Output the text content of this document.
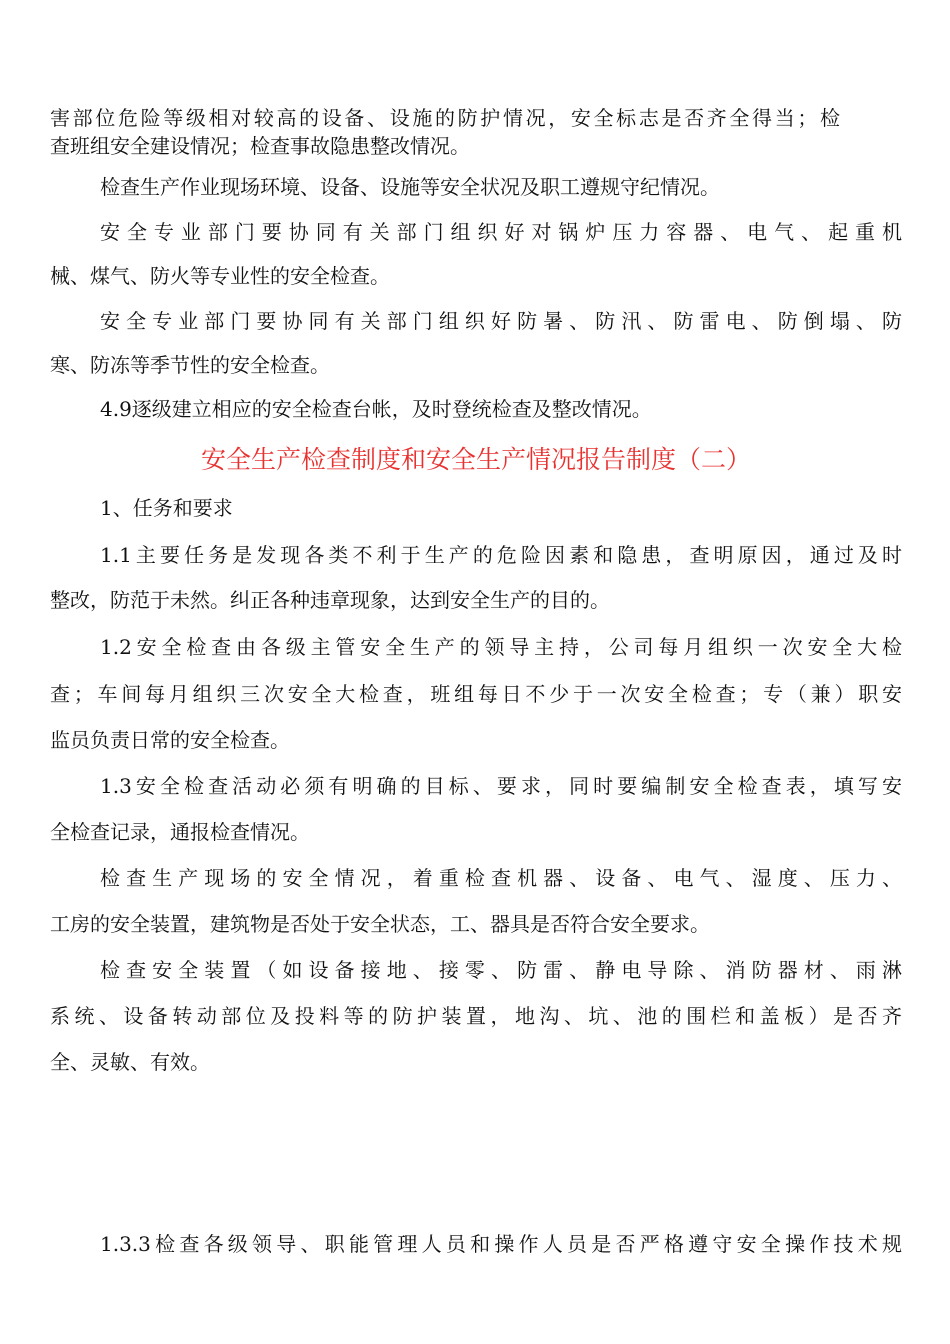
害部位危险等级相对较高的设备、设施的防护情况，安全标志是否齐全得当；检
查班组安全建设情况；检查事故隐患整改情况。
检查生产作业现场环境、设备、设施等安全状况及职工遵规守纪情况。
安全专业部门要协同有关部门组织好对锅炉压力容器、电气、起重机
械、煤气、防火等专业性的安全检查。
安全专业部门要协同有关部门组织好防暑、防汛、防雷电、防倒塌、防
寒、防冻等季节性的安全检查。
4.9逐级建立相应的安全检查台帐，及时登统检查及整改情况。
安全生产检查制度和安全生产情况报告制度（二）
1、任务和要求
1.1主要任务是发现各类不利于生产的危险因素和隐患，查明原因，通过及时
整改，防范于未然。纠正各种违章现象，达到安全生产的目的。
1.2安全检查由各级主管安全生产的领导主持，公司每月组织一次安全大检
查；车间每月组织三次安全大检查，班组每日不少于一次安全检查；专（兼）职安
监员负责日常的安全检查。
1.3安全检查活动必须有明确的目标、要求，同时要编制安全检查表，填写安
全检查记录，通报检查情况。
检查生产现场的安全情况，着重检查机器、设备、电气、湿度、压力、
工房的安全装置，建筑物是否处于安全状态，工、器具是否符合安全要求。
检查安全装置（如设备接地、接零、防雷、静电导除、消防器材、雨淋
系统、设备转动部位及投料等的防护装置，地沟、坑、池的围栏和盖板）是否齐
全、灵敏、有效。
1.3.3检查各级领导、职能管理人员和操作人员是否严格遵守安全操作技术规
